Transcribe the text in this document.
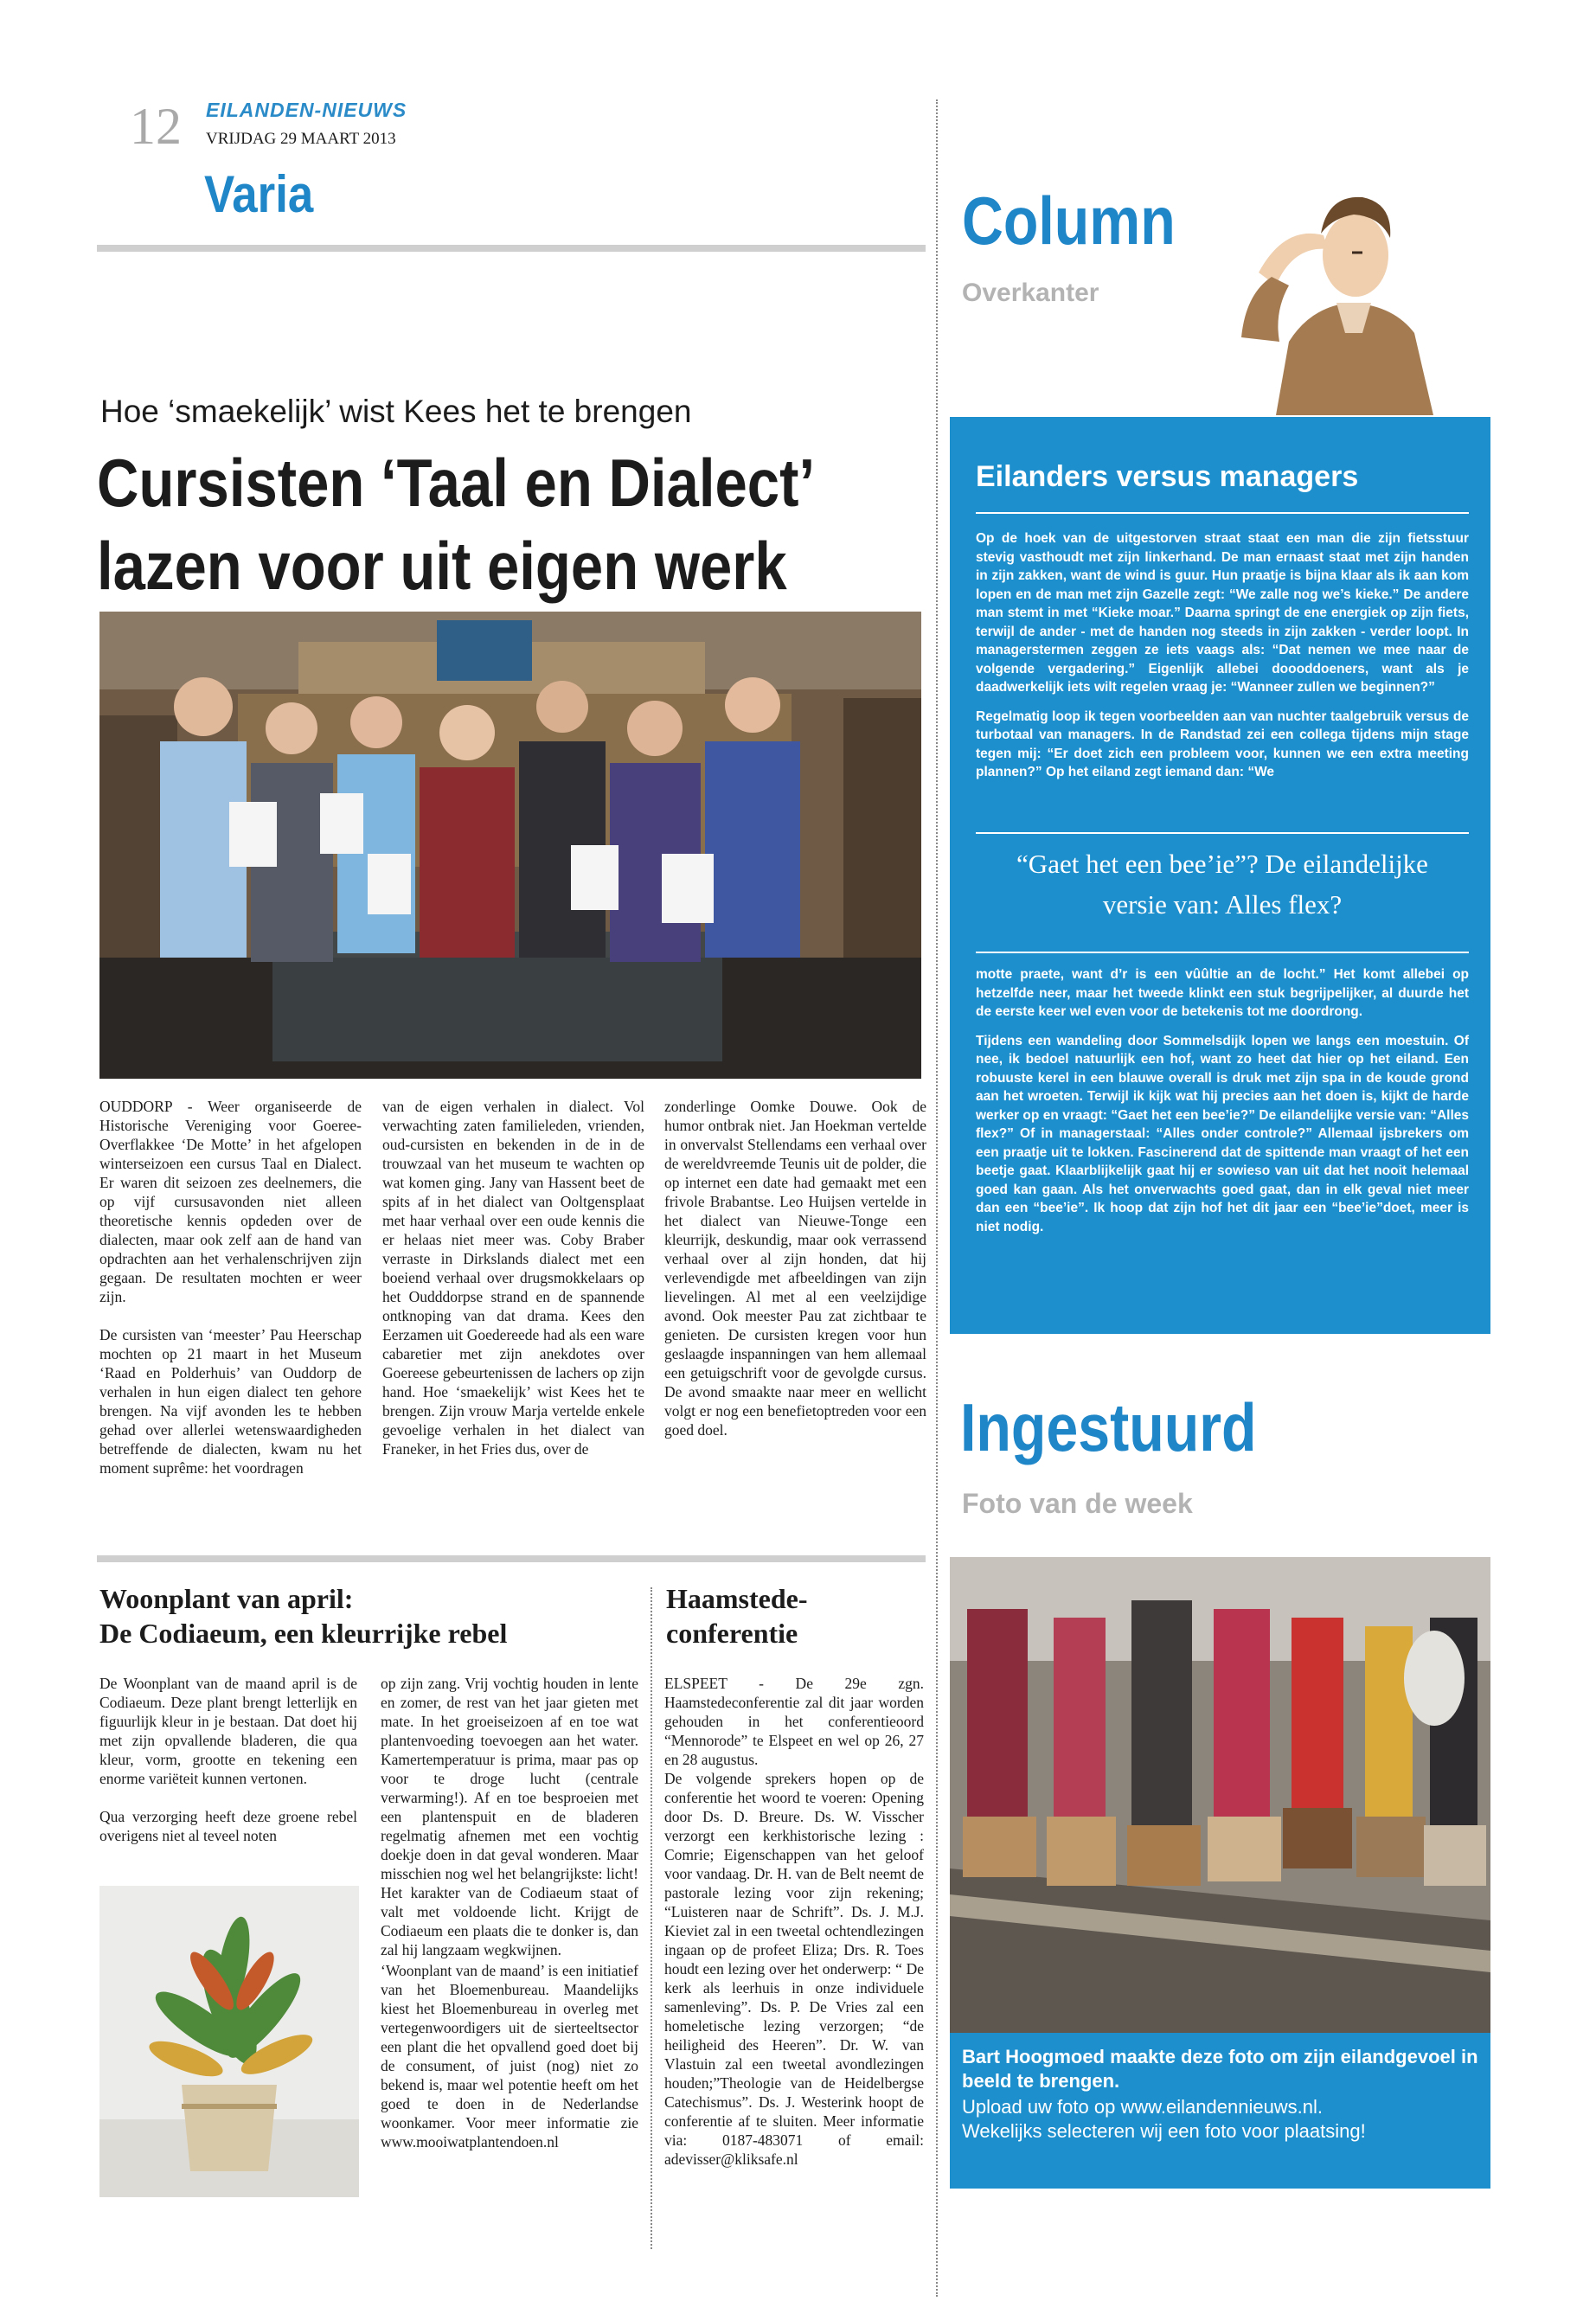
12 EILANDEN-NIEUWS
VRIJDAG 29 MAART 2013
Varia	Column
Overkanter
Hoe ‘smaekelijk’ wist Kees het te brengen
Cursisten ‘Taal en Dialect’
lazen voor uit eigen werk

OUDDORP - Weer organiseerde de Historische Vereniging voor Goeree-Overflakkee ‘De Motte’ in het afgelopen winterseizoen een cursus Taal en Dialect. Er waren dit seizoen zes deelnemers, die op vijf cursusavonden niet alleen theoretische kennis opdeden over de dialecten, maar ook zelf aan de hand van opdrachten aan het verhalenschrijven zijn gegaan. De resultaten mochten er weer zijn.

De cursisten van ‘meester’ Pau Heerschap mochten op 21 maart in het Museum ‘Raad en Polderhuis’ van Ouddorp de verhalen in hun eigen dialect ten gehore brengen. Na vijf avonden les te hebben gehad over allerlei wetenswaardigheden betreffende de dialecten, kwam nu het moment suprême: het voordragen

van de eigen verhalen in dialect. Vol verwachting zaten familieleden, vrienden, oud-cursisten en bekenden in de in de trouwzaal van het museum te wachten op wat komen ging. Jany van Hassent beet de spits af in het dialect van Ooltgensplaat met haar verhaal over een oude kennis die er helaas niet meer was. Coby Braber verraste in Dirkslands dialect met een boeiend verhaal over drugsmokkelaars op het Oudddorpse strand en de spannende ontknoping van dat drama. Kees den Eerzamen uit Goedereede had als een ware cabaretier met zijn anekdotes over Goereese gebeurtenissen de lachers op zijn hand. Hoe ‘smaekelijk’ wist Kees het te brengen. Zijn vrouw Marja vertelde enkele gevoelige verhalen in het dialect van Franeker, in het Fries dus, over de

zonderlinge Oomke Douwe. Ook de humor ontbrak niet. Jan Hoekman vertelde in onvervalst Stellendams een verhaal over de wereldvreemde Teunis uit de polder, die op internet een date had gemaakt met een frivole Brabantse. Leo Huijsen vertelde in het dialect van Nieuwe-Tonge een kleurrijk, deskundig, maar ook verrassend verhaal over al zijn honden, dat hij verlevendigde met afbeeldingen van zijn lievelingen. Al met al een veelzijdige avond. Ook meester Pau zat zichtbaar te genieten. De cursisten kregen voor hun geslaagde inspanningen van hem allemaal een getuigschrift voor de gevolgde cursus. De avond smaakte naar meer en wellicht volgt er nog een benefietoptreden voor een goed doel.

Eilanders versus managers

Op de hoek van de uitgestorven straat staat een man die zijn fietsstuur stevig vasthoudt met zijn linkerhand. De man ernaast staat met zijn handen in zijn zakken, want de wind is guur. Hun praatje is bijna klaar als ik aan kom lopen en de man met zijn Gazelle zegt: “We zalle nog we’s kieke.” De andere man stemt in met “Kieke moar.” Daarna springt de ene energiek op zijn fiets, terwijl de ander - met de handen nog steeds in zijn zakken - verder loopt. In managerstermen zeggen ze iets vaags als: “Dat nemen we mee naar de volgende vergadering.” Eigenlijk allebei doooddoeners, want als je daadwerkelijk iets wilt regelen vraag je: “Wanneer zullen we beginnen?”

Regelmatig loop ik tegen voorbeelden aan van nuchter taalgebruik versus de turbotaal van managers. In de Randstad zei een collega tijdens mijn stage tegen mij: “Er doet zich een probleem voor, kunnen we een extra meeting plannen?” Op het eiland zegt iemand dan: “We

“Gaet het een bee’ie”? De eilandelijke
versie van: Alles flex?

motte praete, want d’r is een vûûltie an de locht.” Het komt allebei op hetzelfde neer, maar het tweede klinkt een stuk begrijpelijker, al duurde het de eerste keer wel even voor de betekenis tot me doordrong.

Tijdens een wandeling door Sommelsdijk lopen we langs een moestuin. Of nee, ik bedoel natuurlijk een hof, want zo heet dat hier op het eiland. Een robuuste kerel in een blauwe overall is druk met zijn spa in de koude grond aan het wroeten. Terwijl ik kijk wat hij precies aan het doen is, kijkt de harde werker op en vraagt: “Gaet het een bee’ie?” De eilandelijke versie van: “Alles flex?” Of in managerstaal: “Alles onder controle?” Allemaal ijsbrekers om een praatje uit te lokken. Fascinerend dat de spittende man vraagt of het een beetje gaat. Klaarblijkelijk gaat hij er sowieso van uit dat het nooit helemaal goed kan gaan. Als het onverwachts goed gaat, dan in elk geval niet meer dan een “bee’ie”. Ik hoop dat zijn hof het dit jaar een “bee’ie”doet, meer is niet nodig.

Woonplant van april:
De Codiaeum, een kleurrijke rebel

De Woonplant van de maand april is de Codiaeum. Deze plant brengt letterlijk en figuurlijk kleur in je bestaan. Dat doet hij met zijn opvallende bladeren, die qua kleur, vorm, grootte en tekening een enorme variëteit kunnen vertonen.

Qua verzorging heeft deze groene rebel overigens niet al teveel noten

op zijn zang. Vrij vochtig houden in lente en zomer, de rest van het jaar gieten met mate. In het groeiseizoen af en toe wat plantenvoeding toevoegen aan het water. Kamertemperatuur is prima, maar pas op voor te droge lucht (centrale verwarming!). Af en toe besproeien met een plantenspuit en de bladeren regelmatig afnemen met een vochtig doekje doen in dat geval wonderen. Maar misschien nog wel het belangrijkste: licht! Het karakter van de Codiaeum staat of valt met voldoende licht. Krijgt de Codiaeum een plaats die te donker is, dan zal hij langzaam wegkwijnen.

‘Woonplant van de maand’ is een initiatief van het Bloemenbureau. Maandelijks kiest het Bloemenbureau in overleg met vertegenwoordigers uit de sierteeltsector een plant die het opvallend goed doet bij de consument, of juist (nog) niet zo bekend is, maar wel potentie heeft om het goed te doen in de Nederlandse woonkamer. Voor meer informatie zie www.mooiwatplantendoen.nl

Haamstede-
conferentie

ELSPEET - De 29e zgn. Haamstedeconferentie zal dit jaar worden gehouden in het conferentieoord “Mennorode” te Elspeet en wel op 26, 27 en 28 augustus.

De volgende sprekers hopen op de conferentie het woord te voeren: Opening door Ds. D. Breure. Ds. W. Visscher verzorgt een kerkhistorische lezing : Comrie; Eigenschappen van het geloof voor vandaag. Dr. H. van de Belt neemt de pastorale lezing voor zijn rekening; “Luisteren naar de Schrift”. Ds. J. M.J. Kieviet zal in een tweetal ochtendlezingen ingaan op de profeet Eliza; Drs. R. Toes houdt een lezing over het onderwerp: “ De kerk als leerhuis in onze individuele samenleving”. Ds. P. De Vries zal een homeletische lezing verzorgen; “de heiligheid des Heeren”. Dr. W. van Vlastuin zal een tweetal avondlezingen houden;”Theologie van de Heidelbergse Catechismus”. Ds. J. Westerink hoopt de conferentie af te sluiten. Meer informatie via: 0187-483071 of email: adevisser@kliksafe.nl

Ingestuurd
Foto van de week
Bart Hoogmoed maakte deze foto om zijn eilandgevoel in beeld te brengen.
Upload uw foto op www.eilandennieuws.nl.
Wekelijks selecteren wij een foto voor plaatsing!
